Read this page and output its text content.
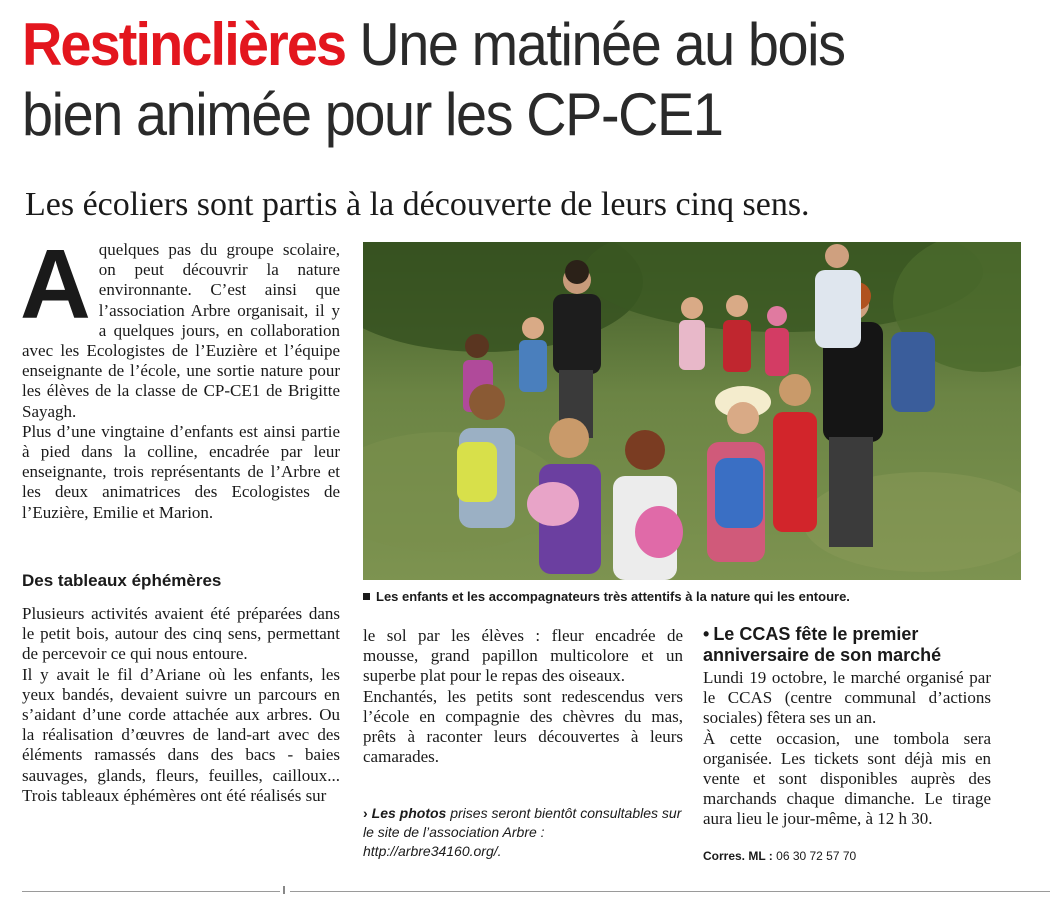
Restinclières Une matinée au bois
bien animée pour les CP-CE1
Les écoliers sont partis à la découverte de leurs cinq sens.

Aquelques pas du groupe scolaire, on peut découvrir la nature environnante. C’est ainsi que l’association Arbre organisait, il y a quelques jours, en collaboration avec les Ecologistes de l’Euzière et l’équipe enseignante de l’école, une sortie nature pour les élèves de la classe de CP-CE1 de Brigitte Sayagh.

Plus d’une vingtaine d’enfants est ainsi partie à pied dans la colline, encadrée par leur enseignante, trois représentants de l’Arbre et les deux animatrices des Ecologistes de l’Euzière, Emilie et Marion.

Des tableaux éphémères

Plusieurs activités avaient été préparées dans le petit bois, autour des cinq sens, permettant de percevoir ce qui nous entoure.

Il y avait le fil d’Ariane où les enfants, les yeux bandés, devaient suivre un parcours en s’aidant d’une corde attachée aux arbres. Ou la réalisation d’œuvres de land-art avec des éléments ramassés dans des bacs - baies sauvages, glands, fleurs, feuilles, cailloux... Trois tableaux éphémères ont été réalisés sur

Les enfants et les accompagnateurs très attentifs à la nature qui les entoure.

le sol par les élèves : fleur encadrée de mousse, grand papillon multicolore et un superbe plat pour le repas des oiseaux.

Enchantés, les petits sont redescendus vers l’école en compagnie des chèvres du mas, prêts à raconter leurs découvertes à leurs camarades.

› Les photos prises seront bientôt consultables sur le site de l’association Arbre : http://arbre34160.org/.

• Le CCAS fête le premier anniversaire de son marché

Lundi 19 octobre, le marché organisé par le CCAS (centre communal d’actions sociales) fêtera ses un an.

À cette occasion, une tombola sera organisée. Les tickets sont déjà mis en vente et sont disponibles auprès des marchands chaque dimanche. Le tirage aura lieu le jour-même, à 12 h 30.

Corres. ML : 06 30 72 57 70
